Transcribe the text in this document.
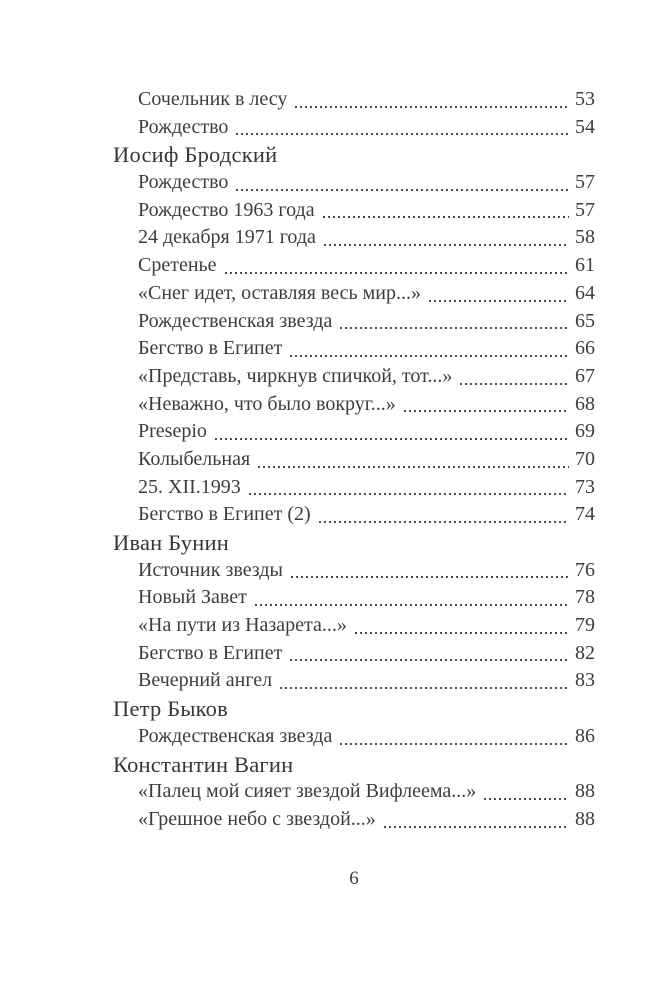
Сочельник в лесу	53
Рождество	54
Иосиф Бродский
Рождество	57
Рождество 1963 года	57
24 декабря 1971 года	58
Сретенье	61
«Снег идет, оставляя весь мир...»	64
Рождественская звезда	65
Бегство в Египет	66
«Представь, чиркнув спичкой, тот...»	67
«Неважно, что было вокруг...»	68
Presepio	69
Колыбельная	70
25. XII.1993	73
Бегство в Египет (2)	74
Иван Бунин
Источник звезды	76
Новый Завет	78
«На пути из Назарета...»	79
Бегство в Египет	82
Вечерний ангел	83
Петр Быков
Рождественская звезда	86
Константин Вагин
«Палец мой сияет звездой Вифлеема...»	88
«Грешное небо с звездой...»	88
6
